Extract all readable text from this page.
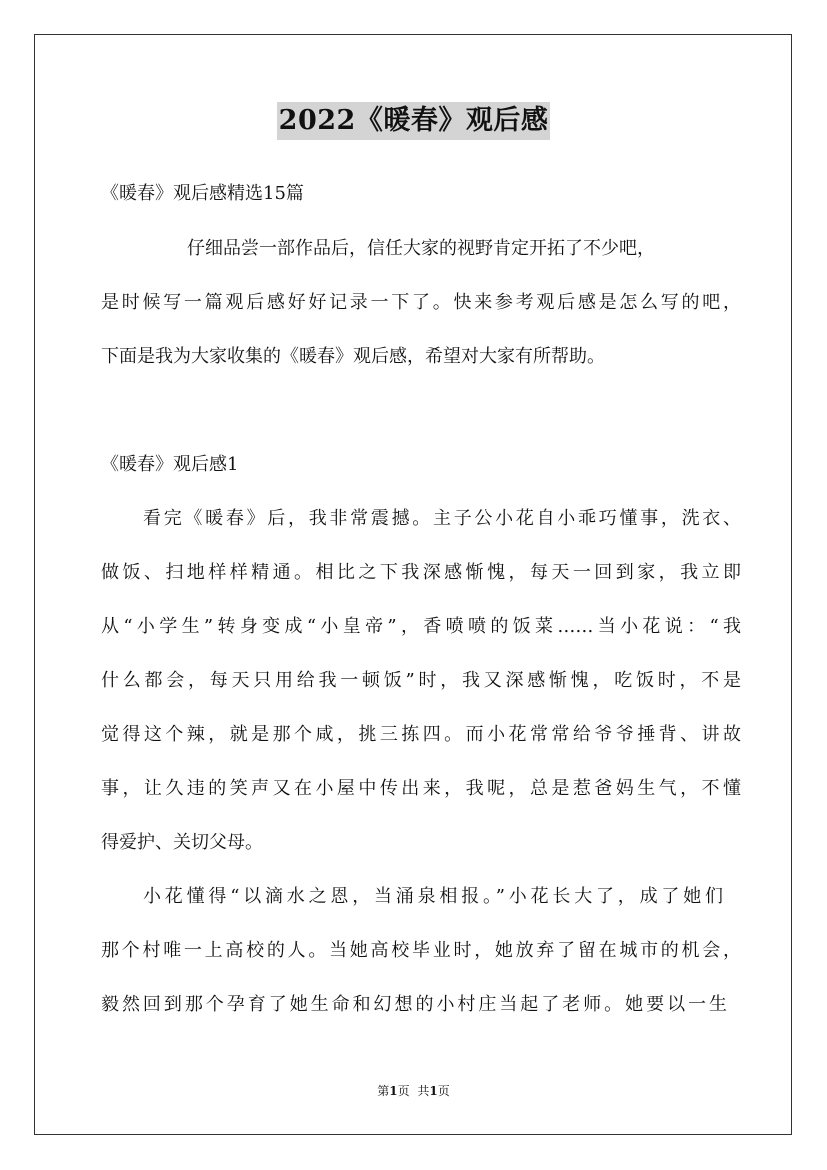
2022《暖春》观后感
《暖春》观后感精选15篇
仔细品尝一部作品后，信任大家的视野肯定开拓了不少吧，
是时候写一篇观后感好好记录一下了。快来参考观后感是怎么写的吧，
下面是我为大家收集的《暖春》观后感，希望对大家有所帮助。
《暖春》观后感1
看完《暖春》后，我非常震撼。主子公小花自小乖巧懂事，洗衣、
做饭、扫地样样精通。相比之下我深感惭愧，每天一回到家，我立即
从“小学生”转身变成“小皇帝”，香喷喷的饭菜……当小花说：“我
什么都会，每天只用给我一顿饭”时，我又深感惭愧，吃饭时，不是
觉得这个辣，就是那个咸，挑三拣四。而小花常常给爷爷捶背、讲故
事，让久违的笑声又在小屋中传出来，我呢，总是惹爸妈生气，不懂
得爱护、关切父母。
小花懂得“以滴水之恩，当涌泉相报。”小花长大了，成了她们
那个村唯一上高校的人。当她高校毕业时，她放弃了留在城市的机会，
毅然回到那个孕育了她生命和幻想的小村庄当起了老师。她要以一生
第1页 共1页
